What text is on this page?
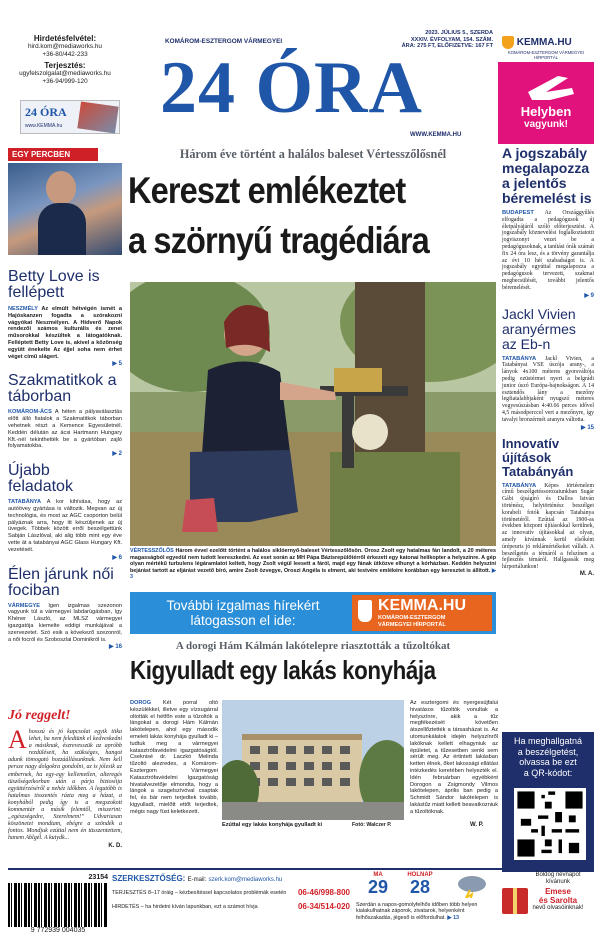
Hirdetésfelvétel:
hird.kom@mediaworks.hu
+36-80/442-233
Terjesztés:
ugyfelszolgalat@mediaworks.hu
+36-94/999-120
24 ÓRA
www.KEMMA.hu
KOMÁROM-ESZTERGOM VÁRMEGYEI
24 ÓRA
2023. JÚLIUS 5., SZERDA
XXXIV. ÉVFOLYAM, 154. SZÁM.
ÁRA: 275 FT, ELŐFIZETVE: 167 FT
WWW.KEMMA.HU
KEMMA.HU
KOMÁROM-ESZTERGOM VÁRMEGYEI HÍRPORTÁL
Helyben
vagyunk!
EGY PERCBEN
Betty Love is fellépett

NESZMÉLY Az elmúlt hétvégén ismét a Hajóskanzen fogadta a szórakozni vágyókat Neszmélyen. A Hídverő Napok rendezői számos kulturális és zenei műsorokkal készültek a látogatóknak. Felléptett Betty Love is, akivel a közönség együtt énekelte Az éjjel soha nem érhet véget című slágert.

▶ 5
Szakmatitkok a táborban

KOMÁROM-ÁCS A héten a pályaválasztás előtt álló fiatalok a Szakmatitkok táborban vehetnek részt a Kemence Egyesületnél. Keddén délután az ácsi Hartmann Hungary Kft.-nél tekinthették be a gyártóban zajló folyamatokba.

▶ 2
Újabb feladatok

TATABÁNYA A kor kihívása, hogy az autóövey gyártása is változik. Megvan az új technológia, és most az AGC csoporton belül pályáznak arra, hogy itt készüljenek az új üvegek. Többek között erről beszélgettünk Sabján Lászlóval, aki alig több mint egy éve vette át a tatabányai AGC Glass Hungary Kft. vezetését.

▶ 6
Élen járunk női fociban

VÁRMEGYE Igen izgalmas szezonon vagyunk túl a vármegyei labdarúgásban, így Khéner László, az MLSZ vármegyei igazgatója kiemelte eddigi munkájával a szervezetet. Szó esik a kövekező szezonról, a női focról és Szoboszlai Dominikról is.

▶ 16
Jó reggelt!

Ahosszú és jó kapcsolat egyik titka lehet, ha nem feledtünk el kedveskedni a másiknak, észrevesszük az apróbb rezdüléseit, ha szükséges, hangot adunk tömogató hozzáállásunknak. Nem kell persze nagy dolgokra gondolni, az is jólesik az embernek, ha egy-egy kellemetlen, alteregés tüszőségeikorban után a párja biztosítja együttérzéséről a nehéz időkben. A legutóbb is hatalmas tisszentés rázta meg a házat, a konyhából pedig így is a megszokott kommentár a másik felemtől, miszerint: „egészségedre, Szerelmem!” Udvariasan köszönetet mondtam, ebégre a szöndék a fontos. Mondjuk ezúttal nem én tüsszentettem, hanem Ablgél. A kutydk...

K. D.
Három éve történt a halálos baleset Vértesszőlősnél
Kereszt emlékeztet
a szörnyű tragédiára

VÉRTESSZŐLŐS Három évvel ezelőtt történt a halálos siklóernyő-baleset Vértesszőlősön. Orosz Zsolt egy hatalmas fán landolt, a 20 méteres magasságból egyedül nem tudott leereszkedni. Az eset során az MH Pápa Bázisrepülőtérről érkezett egy katonai helikopter a helyszínre. A gép olyan mértékű turbulens légáramlatot keltett, hogy Zsolt végül leesett a fáról, majd egy fának ütközve elhunyt a kórházban. Keddén helyszíni bejárást tartott az eljárást vezető bíró, amire Zsolt özvegye, Oroszi Angéla is elment, aki testvére emlékére korábban egy keresztet is állított. ▶ 3

További izgalmas hírekért
látogasson el ide:
KEMMA.HU
KOMÁROM-ESZTERGOM
VÁRMEGYEI HÍRPORTÁL
A dorogi Hám Kálmán lakótelepre riasztották a tűzoltókat
Kigyulladt egy lakás konyhája

DOROG Két porral oltó készülékkel, illetve egy vízsugárral oltották el hétfőn este a tűzoltók a lángokat a dorogi Hám Kálmán lakótelepen, ahol egy második emeleti lakás konyhája gyulladt ki – tudtuk meg a vármegyei katasztrófavédelmi igazgatóságtól. Cseknisé dr. Laczkó Melinda tűzoltó alezredes, a Komárom-Esztergom Vármegyei Katasztrófavédelmi Igazgatóság hivatalvezetője elmondta, hogy a lángok a szagelszívóval csaptak fel, és bár nem terjedtek tovább, kigyulladt, mielőtt ettőt terjedtek, mégis nagy füst keletkezett.

Ezúttal egy lakás konyhája gyulladt ki	Fotó: Walczer P.

Az esztergomi és nyergesújfalui hivatásos tűzoltók vonultak a helyszínre, akik a tűz megfékezését követően átszellőztették a társasházat is. Az utomunkálatok idején helyszínről lakóknak kellett elhagyniuk az épületet, a tűzesetben senki sem sérült meg. Az értintett lakásban ketten élnek, őket lakossági ellátási intézkedés keretében helyezték el. Idén februárban egyébként Dorogon a Zsigmondy Vilmos lakótelepen, április ban pedig a Schmidt Sándor lakótelepen is lakástűz miatt kellett beavatkozniuk a tűzoltóknak.

W. P.
A jogszabály megalapozza a jelentős béremelést is

BUDAPEST Az Országgyűlés elfogadta a pedagógusok új életpályájáról szóló előterjesztést. A jogszabály köznevelési foglalkoztatotti jogviszonyt vezet be a pedagógusoknak, a tanítási órák számát fix 24 óra lesz, és a törvény garantálja az évi 10 hét szabadságot is. A jogszabály egyúttal megalapozza a pedagógusok tervezett, szakmai megbecsülését, további jelentős béremelését.

▶ 9
Jackl Vivien aranyérmes az Eb-n

TATABÁNYA Jackl Vivien, a Tatabányai VSE úszója arany-, a lányok 4x100 méteres gyorsváltója pedig ezüstérmet nyert a belgrádi junior úszó Európa-bajnokságon. A 14 esztendős lány a mezőny legfiatalabbjaként nyugszó méteres vegyesúszásban 4:40.66 perces idővel 4,5 másodperccel vert a mezőnyre, így tavalyi bronzérmét aranyra váltotta.

▶ 15
Innovatív újítások Tatabányán

TATABÁNYA Képes törtéenelem című beszélgetéssorozatunkban Sugár Gábi újságíró és Dallos István történész, helytörténész beszélget korabeli fotók kapcsán Tatabánya történetéről. Ezúttal az 1900-as években központ újításokkal kerülnek, az innovatív újításokkal az olyan, amely kivánnak kerül elsőként úrépeuris jó reklámértékeket vállalt. A beszélgetés a témáról a felszínen a fejlesztés témáról. Hallgassák meg hírportálunkon!

M. A.
Ha meghallgatná
a beszélgetést,
olvassa be ezt
a QR-kódot:
23154
9 772939 004035
SZERKESZTŐSÉG: E-mail: szerk.kom@mediaworks.hu
TERJESZTÉS 8–17 óráig – kézbesítéssel kapcsolatos problémák esetén 06-46/998-800
HIRDETÉS – ha hirdetni kíván lapunkban, ezt a számot hívja	06-34/514-020
MA
29
HOLNAP
28

Szerdán a napos-gomolyfelhős időben több helyen kialakulhatnak záporok, zivatarok, helyenként felhőszakadás, jégeső is előfordulhat. ▶ 13

Boldog névnapot
kívánunk
Emese
és Sarolta
nevű olvasóinknak!
